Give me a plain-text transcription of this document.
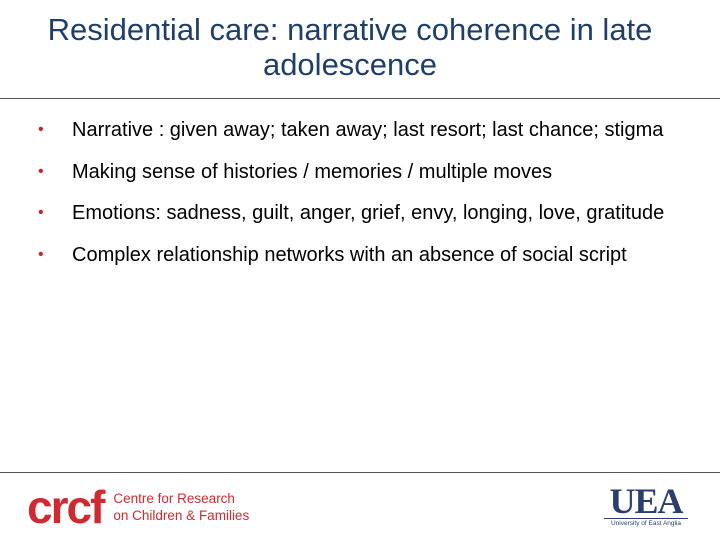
Residential care: narrative coherence in late adolescence
• Narrative : given away; taken away; last resort; last chance; stigma
• Making sense of histories / memories / multiple moves
• Emotions: sadness, guilt, anger, grief, envy, longing, love, gratitude
• Complex relationship networks with an absence of social script
crcf Centre for Research
on Children & Families	UEA
University of East Anglia
